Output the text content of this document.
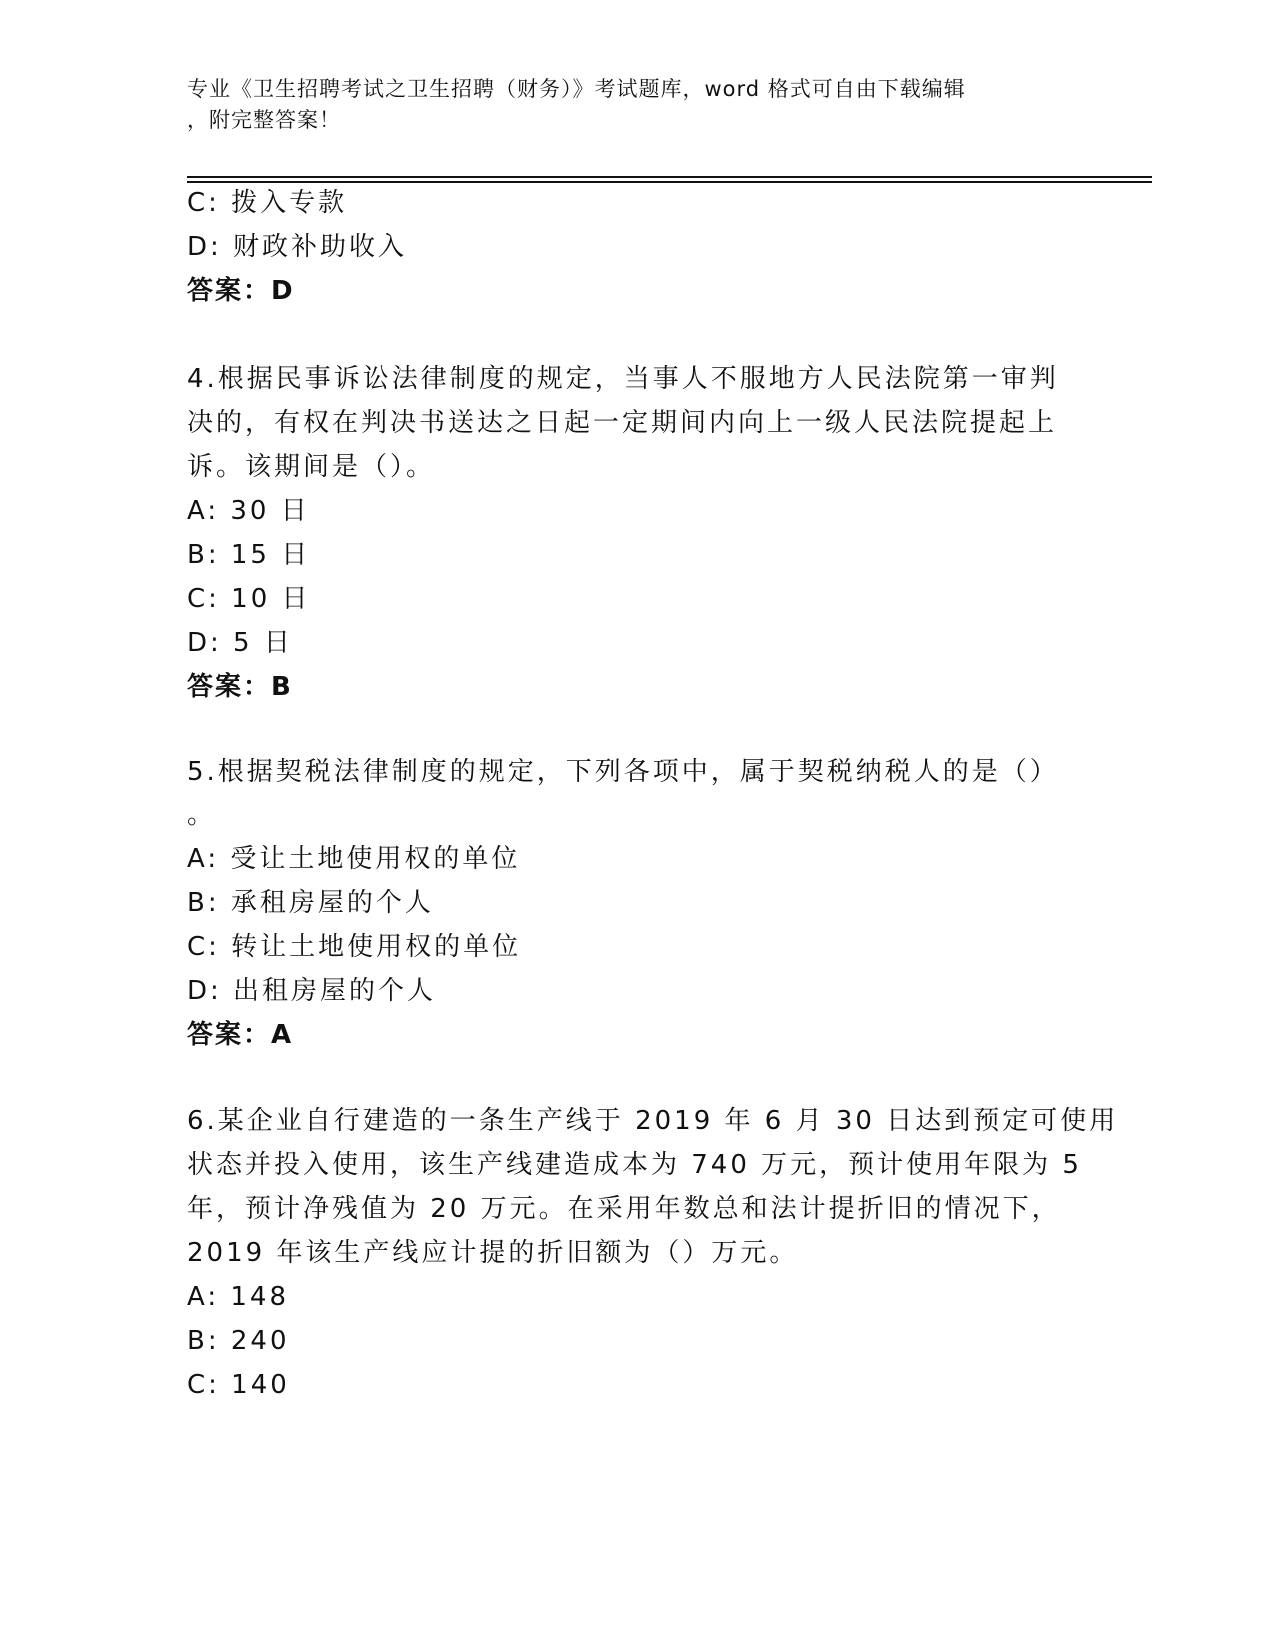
专业《卫生招聘考试之卫生招聘（财务）》考试题库，word 格式可自由下载编辑
，附完整答案！
C: 拨入专款
D: 财政补助收入
答案：D
4.根据民事诉讼法律制度的规定，当事人不服地方人民法院第一审判
决的，有权在判决书送达之日起一定期间内向上一级人民法院提起上
诉。该期间是（）。
A: 30 日
B: 15 日
C: 10 日
D: 5 日
答案：B
5.根据契税法律制度的规定，下列各项中，属于契税纳税人的是（）
。
A: 受让土地使用权的单位
B: 承租房屋的个人
C: 转让土地使用权的单位
D: 出租房屋的个人
答案：A
6.某企业自行建造的一条生产线于 2019 年 6 月 30 日达到预定可使用
状态并投入使用，该生产线建造成本为 740 万元，预计使用年限为 5
年，预计净残值为 20 万元。在采用年数总和法计提折旧的情况下，
2019 年该生产线应计提的折旧额为（）万元。
A: 148
B: 240
C: 140
